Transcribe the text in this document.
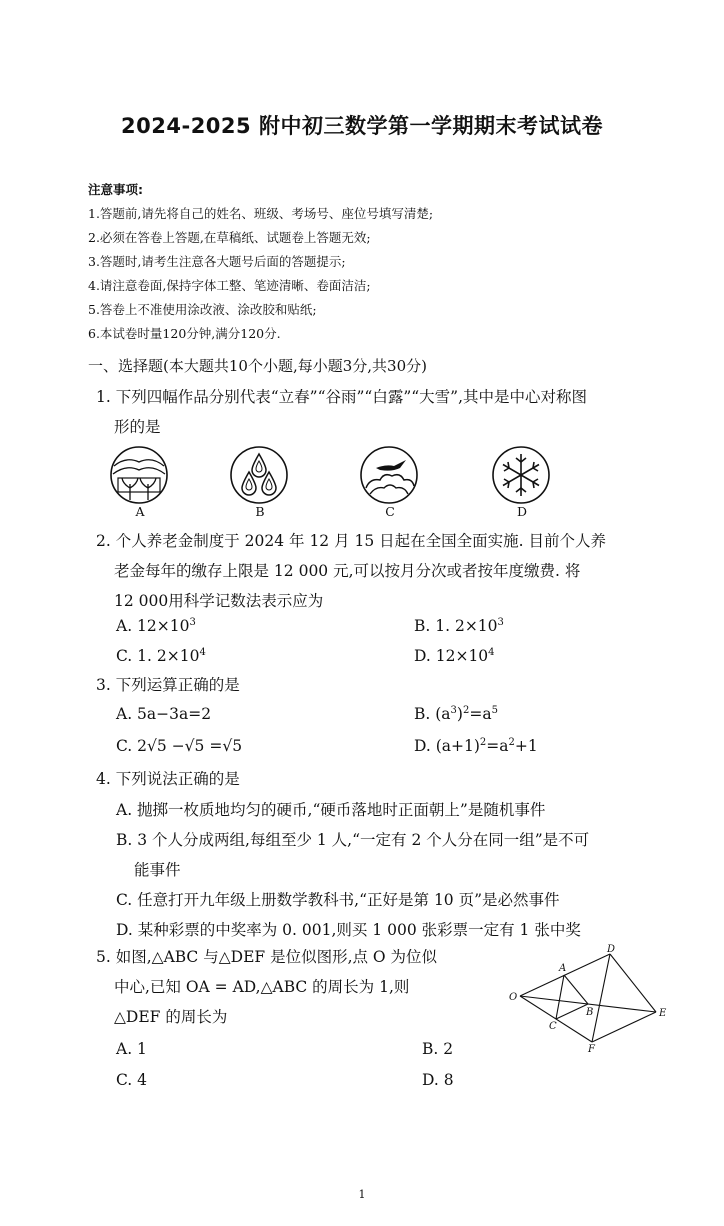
2024-2025 附中初三数学第一学期期末考试试卷
注意事项:
1.答题前,请先将自己的姓名、班级、考场号、座位号填写清楚;
2.必须在答卷上答题,在草稿纸、试题卷上答题无效;
3.答题时,请考生注意各大题号后面的答题提示;
4.请注意卷面,保持字体工整、笔迹清晰、卷面洁洁;
5.答卷上不准使用涂改液、涂改胶和贴纸;
6.本试卷时量120分钟,满分120分.
一、选择题(本大题共10个小题,每小题3分,共30分)
1. 下列四幅作品分别代表“立春”“谷雨”“白露”“大雪”,其中是中心对称图
形的是
A	B	C	D
2. 个人养老金制度于 2024 年 12 月 15 日起在全国全面实施. 目前个人养
老金每年的缴存上限是 12 000 元,可以按月分次或者按年度缴费. 将
12 000用科学记数法表示应为
A. $12\times 10^3$	B. 1. $2\times 10^3$
C. 1. $2\times 10^4$	D. $12\times 10^4$
3. 下列运算正确的是
A. 5a−3a=2	B. $(a^3)^2=a^5$
C. 2√5 −√5 =√5	D. $(a+1)^2=a^2+1$
4. 下列说法正确的是
A. 抛掷一枚质地均匀的硬币,“硬币落地时正面朝上”是随机事件
B. 3 个人分成两组,每组至少 1 人,“一定有 2 个人分在同一组”是不可
能事件
C. 任意打开九年级上册数学教科书,“正好是第 10 页”是必然事件
D. 某种彩票的中奖率为 0. 001,则买 1 000 张彩票一定有 1 张中奖
5. 如图,△ABC 与△DEF 是位似图形,点 O 为位似
中心,已知 OA = AD,△ABC 的周长为 1,则
△DEF 的周长为
A. 1	B. 2
C. 4	D. 8
O
A
B
C
D
E
F
1
